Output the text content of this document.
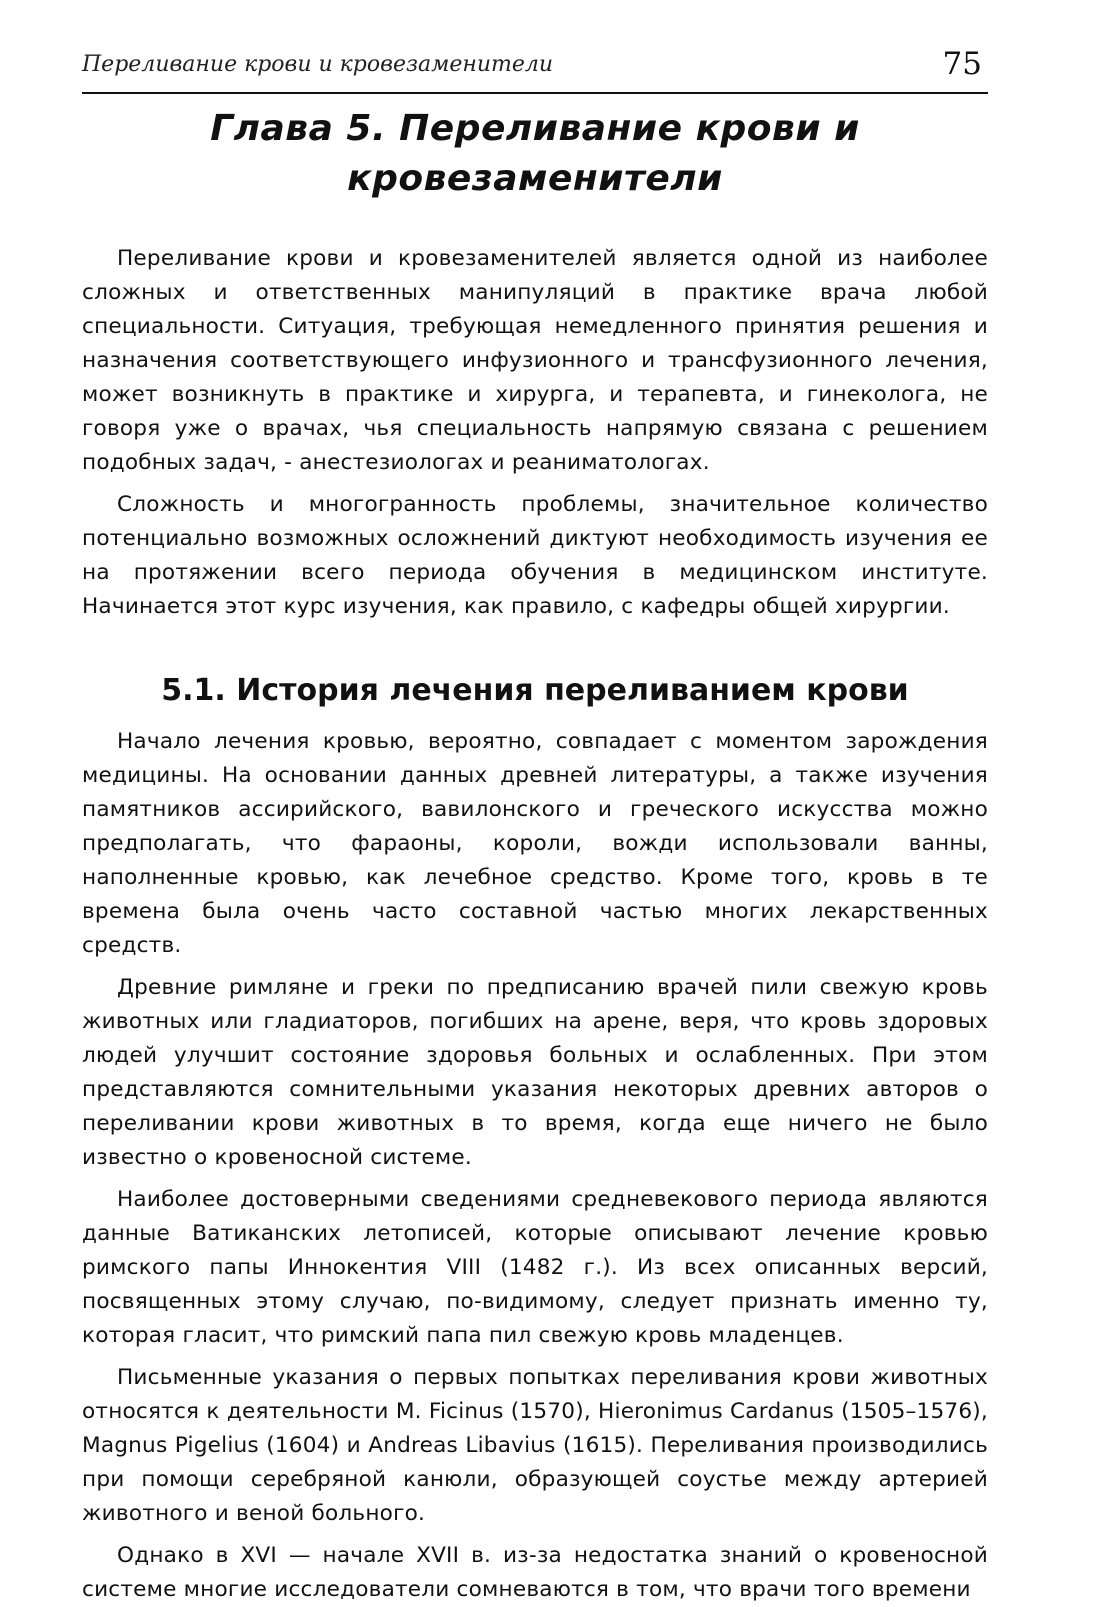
Переливание крови и кровезаменители	75
Глава 5. Переливание крови и
кровезаменители

Переливание крови и кровезаменителей является одной из наиболее сложных и ответственных манипуляций в практике врача любой специальности. Ситуация, требующая немедленного принятия решения и назначения соответствующего инфузионного и трансфузионного лечения, может возникнуть в практике и хирурга, и терапевта, и гинеколога, не говоря уже о врачах, чья специальность напрямую связана с решением подобных задач, - анестезиологах и реаниматологах.

Сложность и многогранность проблемы, значительное количество потенциально возможных осложнений диктуют необходимость изучения ее на протяжении всего периода обучения в медицинском институте. Начинается этот курс изучения, как правило, с кафедры общей хирургии.

5.1. История лечения переливанием крови

Начало лечения кровью, вероятно, совпадает с моментом зарождения медицины. На основании данных древней литературы, а также изучения памятников ассирийского, вавилонского и греческого искусства можно предполагать, что фараоны, короли, вожди использовали ванны, наполненные кровью, как лечебное средство. Кроме того, кровь в те времена была очень часто составной частью многих лекарственных средств.

Древние римляне и греки по предписанию врачей пили свежую кровь животных или гладиаторов, погибших на арене, веря, что кровь здоровых людей улучшит состояние здоровья больных и ослабленных. При этом представляются сомнительными указания некоторых древних авторов о переливании крови животных в то время, когда еще ничего не было известно о кровеносной системе.

Наиболее достоверными сведениями средневекового периода являются данные Ватиканских летописей, которые описывают лечение кровью римского папы Иннокентия VIII (1482 г.). Из всех описанных версий, посвященных этому случаю, по-видимому, следует признать именно ту, которая гласит, что римский папа пил свежую кровь младенцев.

Письменные указания о первых попытках переливания крови животных относятся к деятельности М. Ficinus (1570), Hieronimus Cardanus (1505–1576), Magnus Pigelius (1604) и Andreas Libavius (1615). Переливания производились при помощи серебряной канюли, образующей соустье между артерией животного и веной больного.

Однако в XVI — начале XVII в. из-за недостатка знаний о кровеносной системе многие исследователи сомневаются в том, что врачи того времени
